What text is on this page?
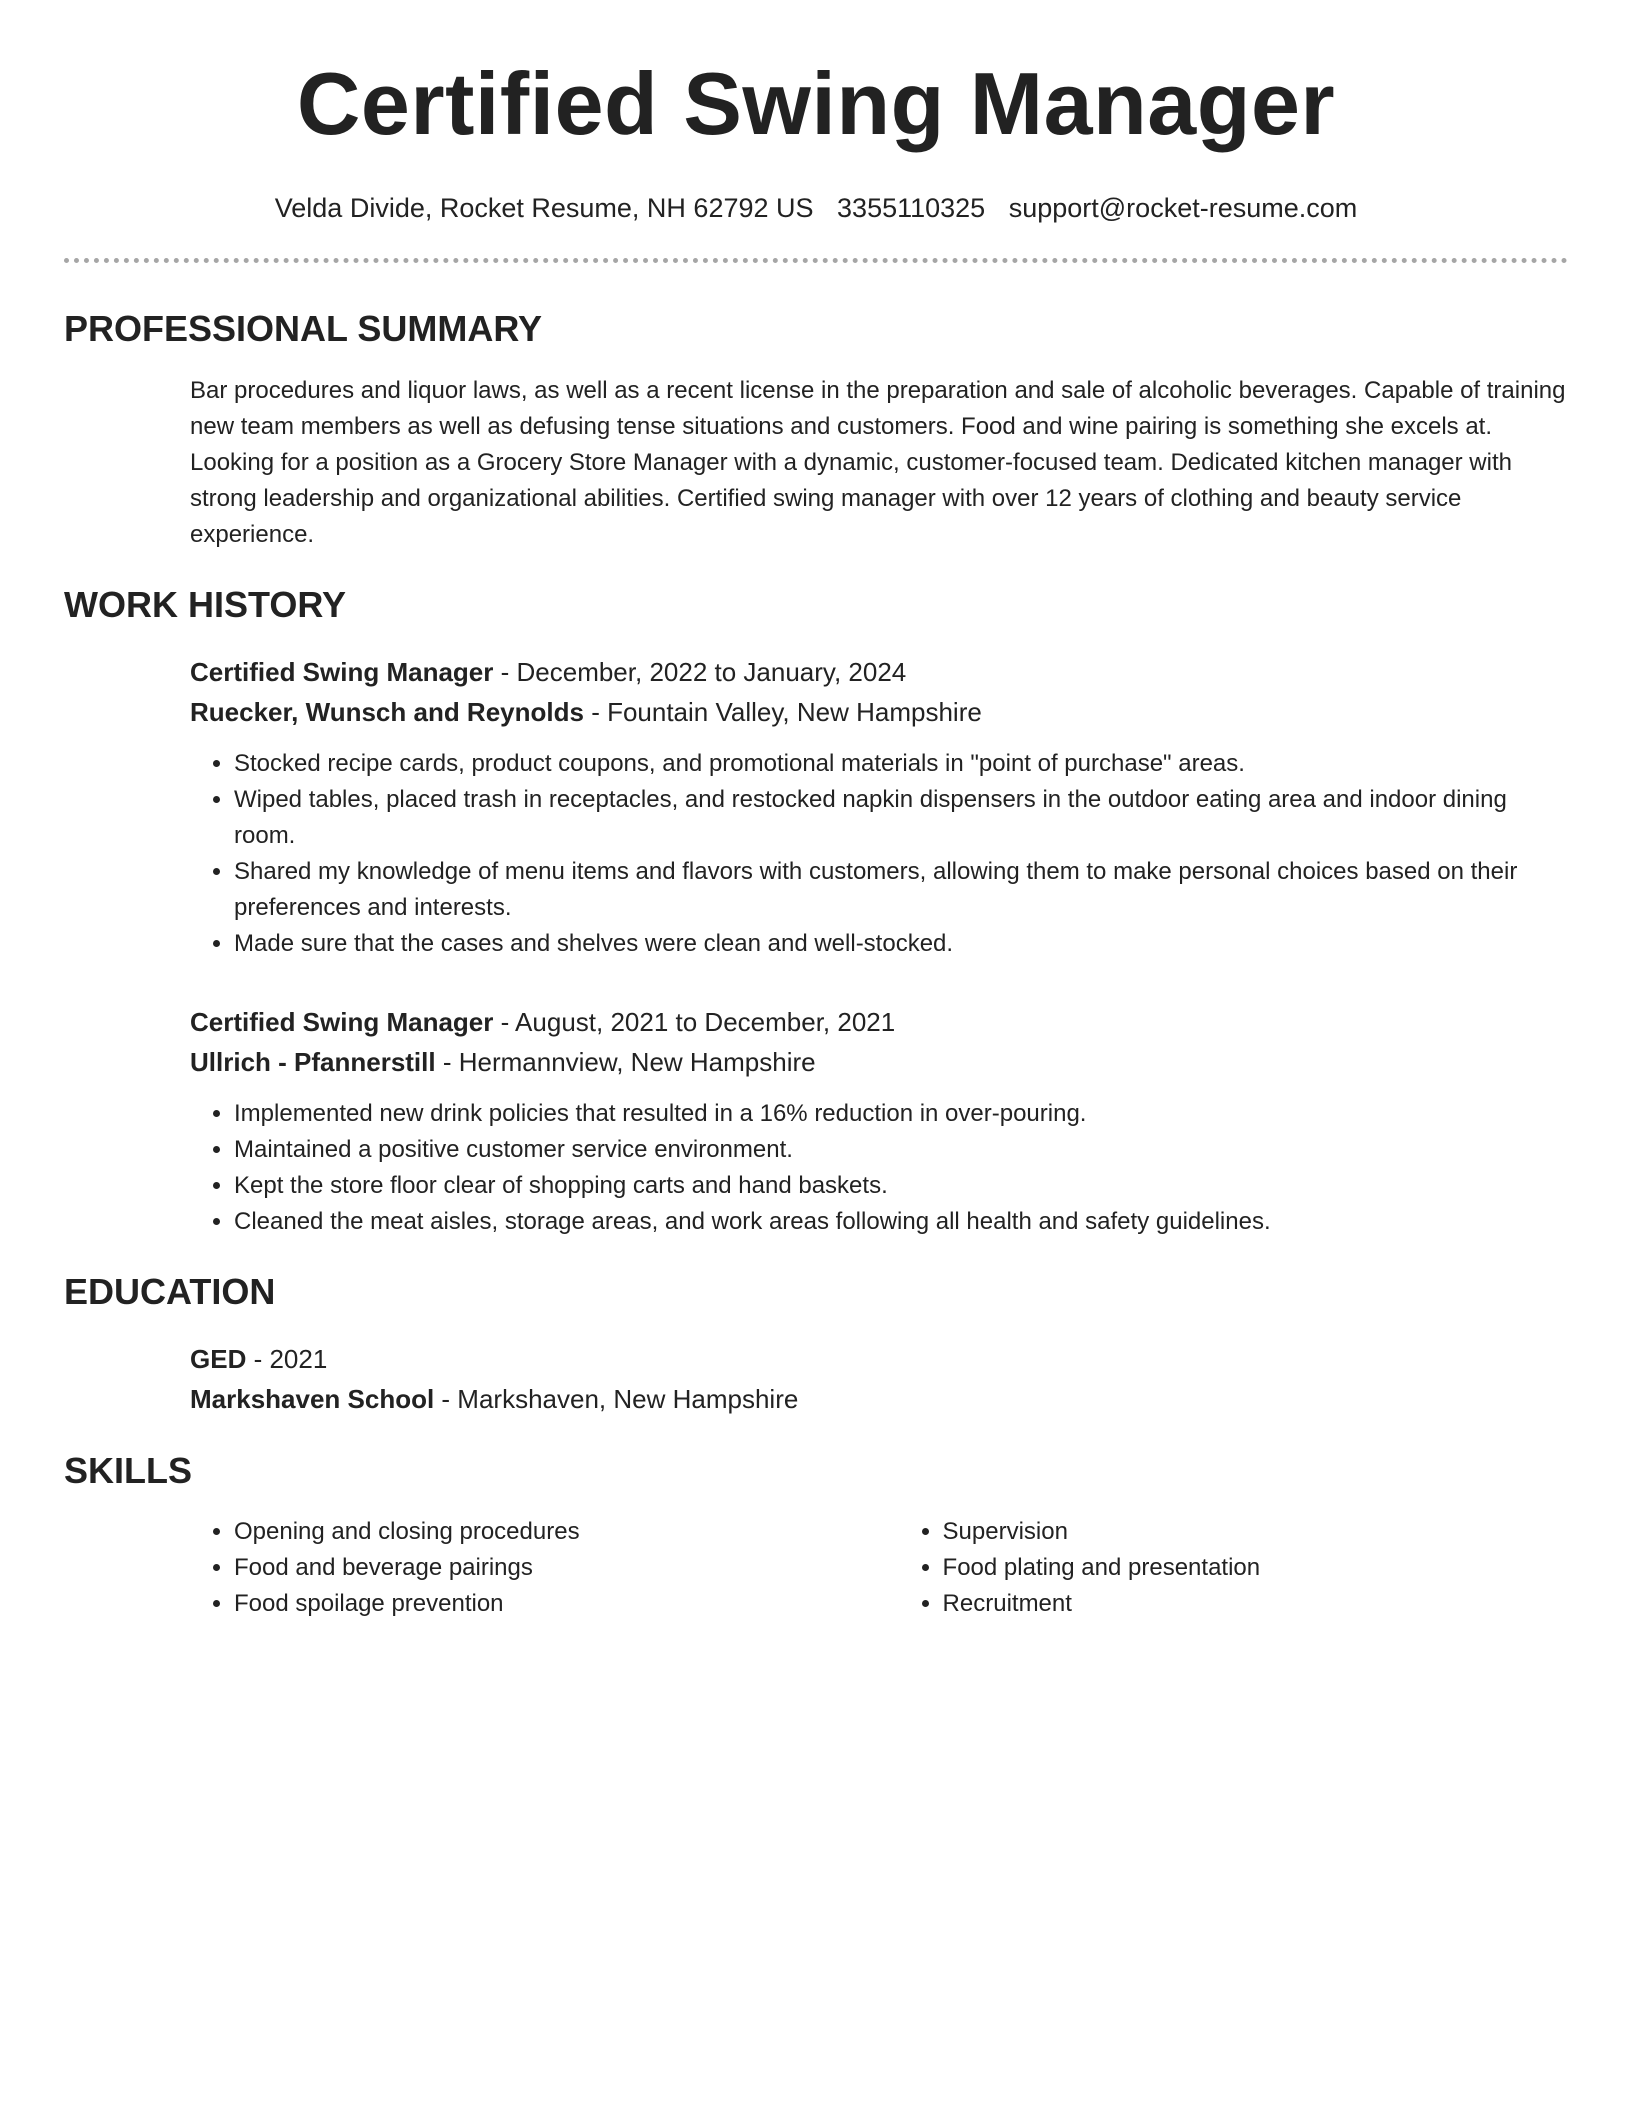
Certified Swing Manager
Velda Divide, Rocket Resume, NH 62792 US 3355110325 support@rocket-resume.com
PROFESSIONAL SUMMARY

Bar procedures and liquor laws, as well as a recent license in the preparation and sale of alcoholic beverages. Capable of training new team members as well as defusing tense situations and customers. Food and wine pairing is something she excels at. Looking for a position as a Grocery Store Manager with a dynamic, customer-focused team. Dedicated kitchen manager with strong leadership and organizational abilities. Certified swing manager with over 12 years of clothing and beauty service experience.

WORK HISTORY
Certified Swing Manager - December, 2022 to January, 2024
Ruecker, Wunsch and Reynolds - Fountain Valley, New Hampshire
• Stocked recipe cards, product coupons, and promotional materials in "point of purchase" areas.
• Wiped tables, placed trash in receptacles, and restocked napkin dispensers in the outdoor eating area and indoor dining room.
• Shared my knowledge of menu items and flavors with customers, allowing them to make personal choices based on their preferences and interests.
• Made sure that the cases and shelves were clean and well-stocked.
Certified Swing Manager - August, 2021 to December, 2021
Ullrich - Pfannerstill - Hermannview, New Hampshire
• Implemented new drink policies that resulted in a 16% reduction in over-pouring.
• Maintained a positive customer service environment.
• Kept the store floor clear of shopping carts and hand baskets.
• Cleaned the meat aisles, storage areas, and work areas following all health and safety guidelines.
EDUCATION
GED - 2021
Markshaven School - Markshaven, New Hampshire
SKILLS
• Opening and closing procedures
• Food and beverage pairings
• Food spoilage prevention
• Supervision
• Food plating and presentation
• Recruitment
